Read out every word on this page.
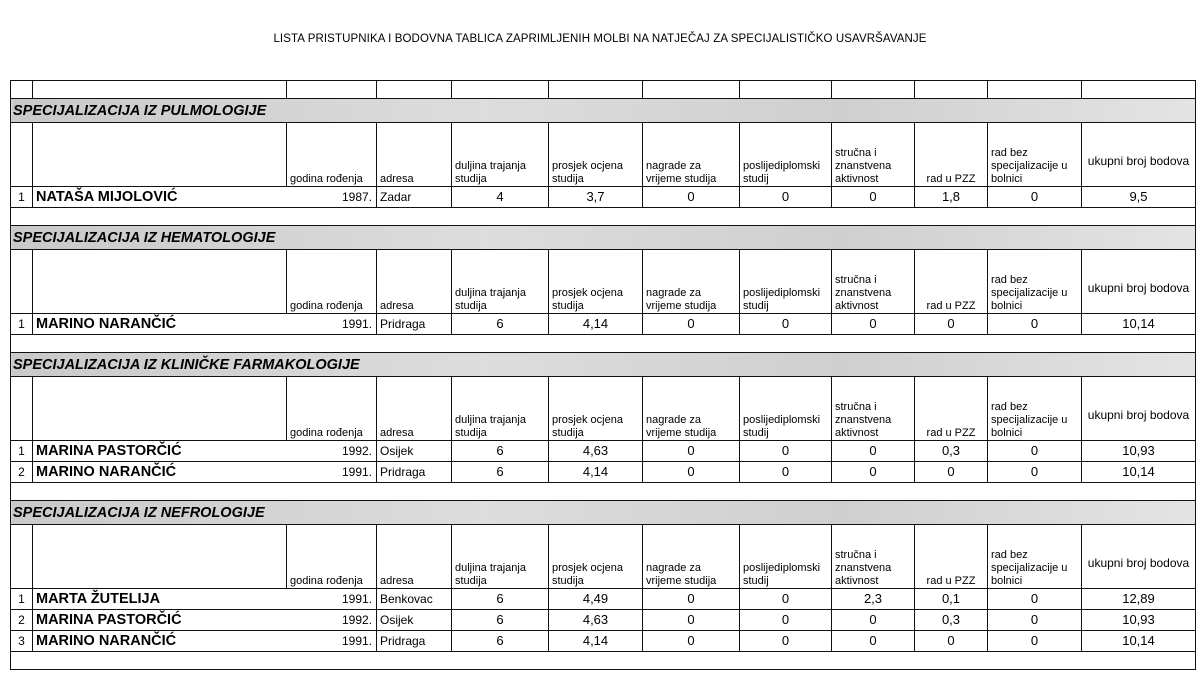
LISTA PRISTUPNIKA I BODOVNA TABLICA ZAPRIMLJENIH MOLBI NA NATJEČAJ ZA SPECIJALISTIČKO USAVRŠAVANJE

SPECIJALIZACIJA IZ PULMOLOGIJE											
		godina rođenja	adresa	duljina trajanja studija	prosjek ocjena studija	nagrade za vrijeme studija	poslijediplomski studij	stručna i znanstvena aktivnost	rad u PZZ	rad bez specijalizacije u bolnici	ukupni broj bodova
1	NATAŠA MIJOLOVIĆ	1987.	Zadar	4	3,7	0	0	0	1,8	0	9,5

SPECIJALIZACIJA IZ HEMATOLOGIJE											
		godina rođenja	adresa	duljina trajanja studija	prosjek ocjena studija	nagrade za vrijeme studija	poslijediplomski studij	stručna i znanstvena aktivnost	rad u PZZ	rad bez specijalizacije u bolnici	ukupni broj bodova
1	MARINO NARANČIĆ	1991.	Pridraga	6	4,14	0	0	0	0	0	10,14

SPECIJALIZACIJA IZ KLINIČKE FARMAKOLOGIJE											
		godina rođenja	adresa	duljina trajanja studija	prosjek ocjena studija	nagrade za vrijeme studija	poslijediplomski studij	stručna i znanstvena aktivnost	rad u PZZ	rad bez specijalizacije u bolnici	ukupni broj bodova
1	MARINA PASTORČIĆ	1992.	Osijek	6	4,63	0	0	0	0,3	0	10,93
2	MARINO NARANČIĆ	1991.	Pridraga	6	4,14	0	0	0	0	0	10,14

SPECIJALIZACIJA IZ NEFROLOGIJE											
		godina rođenja	adresa	duljina trajanja studija	prosjek ocjena studija	nagrade za vrijeme studija	poslijediplomski studij	stručna i znanstvena aktivnost	rad u PZZ	rad bez specijalizacije u bolnici	ukupni broj bodova
1	MARTA ŽUTELIJA	1991.	Benkovac	6	4,49	0	0	2,3	0,1	0	12,89
2	MARINA PASTORČIĆ	1992.	Osijek	6	4,63	0	0	0	0,3	0	10,93
3	MARINO NARANČIĆ	1991.	Pridraga	6	4,14	0	0	0	0	0	10,14
